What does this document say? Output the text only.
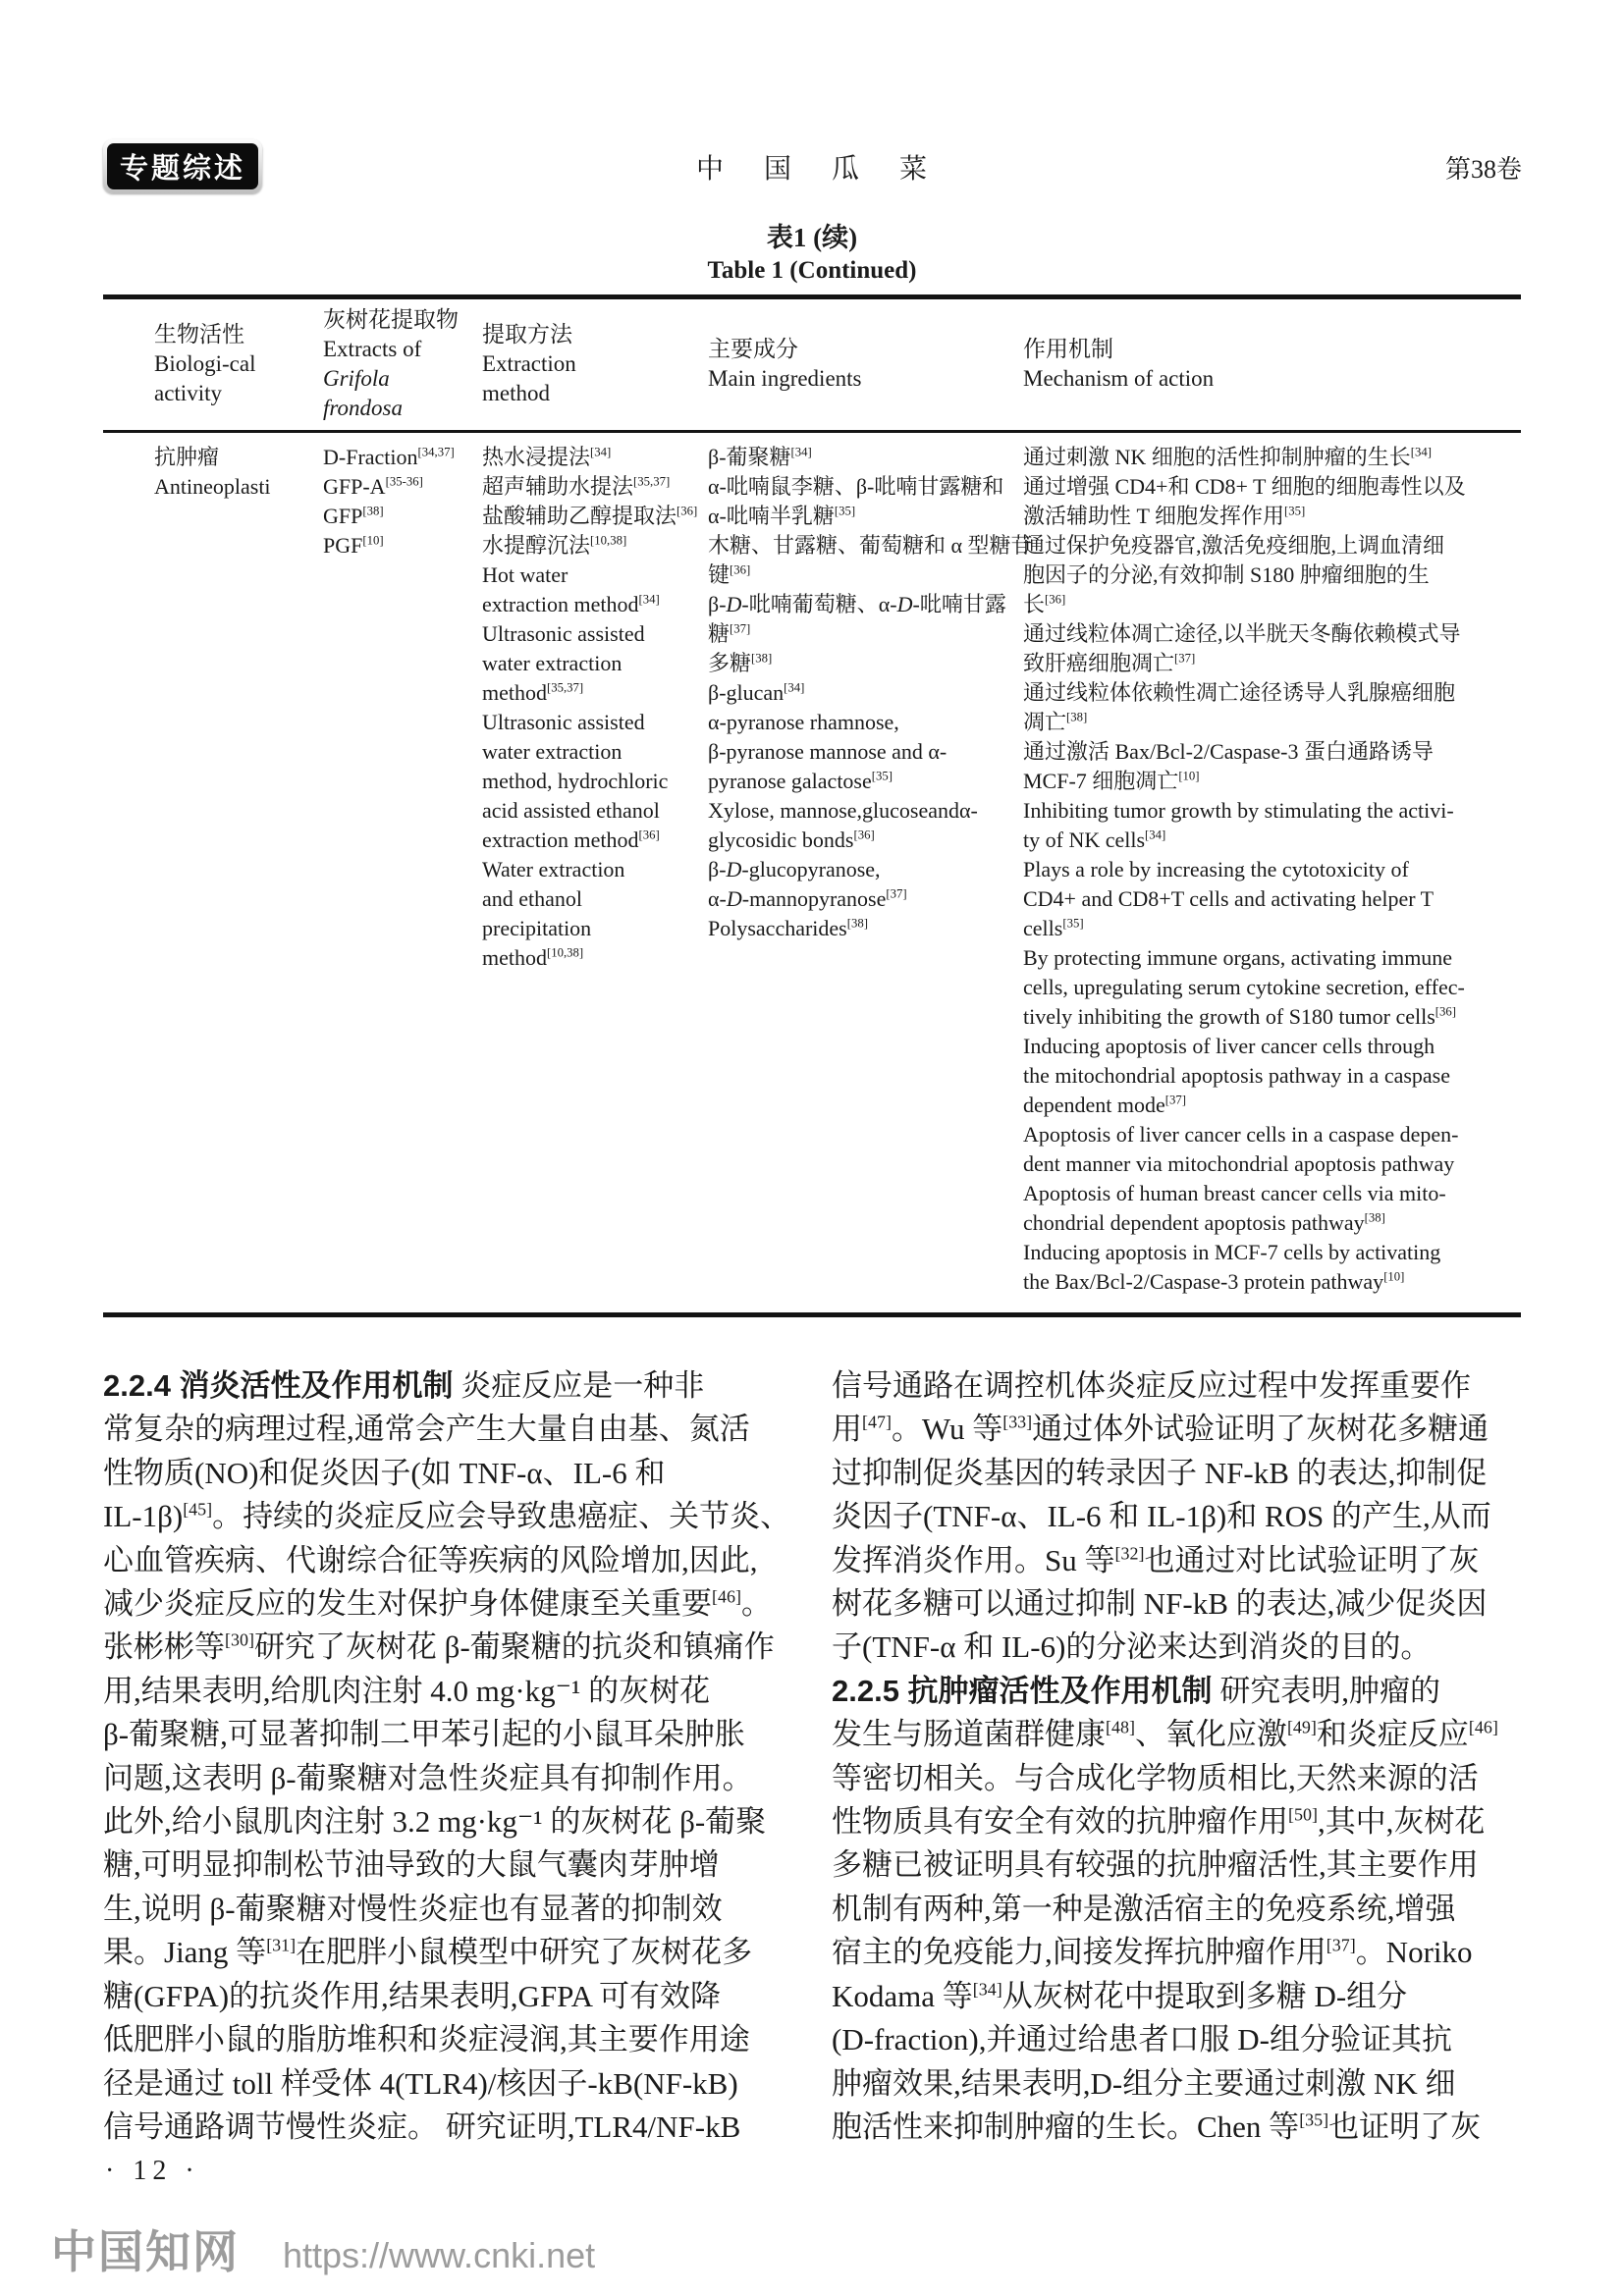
专题综述	中 国 瓜 菜	第38卷
表1 (续)
Table 1 (Continued)
生物活性
Biologi-cal
activity
灰树花提取物
Extracts of
Grifola
frondosa
提取方法
Extraction
method
主要成分
Main ingredients
作用机制
Mechanism of action
抗肿瘤
Antineoplasti
D-Fraction[34,37]
GFP-A[35-36]
GFP[38]
PGF[10]
热水浸提法[34]
超声辅助水提法[35,37]
盐酸辅助乙醇提取法[36]
水提醇沉法[10,38]
Hot water
extraction method[34]
Ultrasonic assisted
water extraction
method[35,37]
Ultrasonic assisted
water extraction
method, hydrochloric
acid assisted ethanol
extraction method[36]
Water extraction
and ethanol
precipitation
method[10,38]
β-葡聚糖[34]
α-吡喃鼠李糖、β-吡喃甘露糖和
α-吡喃半乳糖[35]
木糖、甘露糖、葡萄糖和 α 型糖苷
键[36]
β-D-吡喃葡萄糖、α-D-吡喃甘露
糖[37]
多糖[38]
β-glucan[34]
α-pyranose rhamnose,
β-pyranose mannose and α-
pyranose galactose[35]
Xylose, mannose,glucoseandα-
glycosidic bonds[36]
β-D-glucopyranose,
α-D-mannopyranose[37]
Polysaccharides[38]
通过刺激 NK 细胞的活性抑制肿瘤的生长[34]
通过增强 CD4+和 CD8+ T 细胞的细胞毒性以及
激活辅助性 T 细胞发挥作用[35]
通过保护免疫器官,激活免疫细胞,上调血清细
胞因子的分泌,有效抑制 S180 肿瘤细胞的生
长[36]
通过线粒体凋亡途径,以半胱天冬酶依赖模式导
致肝癌细胞凋亡[37]
通过线粒体依赖性凋亡途径诱导人乳腺癌细胞
凋亡[38]
通过激活 Bax/Bcl-2/Caspase-3 蛋白通路诱导
MCF-7 细胞凋亡[10]
Inhibiting tumor growth by stimulating the activi-
ty of NK cells[34]
Plays a role by increasing the cytotoxicity of
CD4+ and CD8+T cells and activating helper T
cells[35]
By protecting immune organs, activating immune
cells, upregulating serum cytokine secretion, effec-
tively inhibiting the growth of S180 tumor cells[36]
Inducing apoptosis of liver cancer cells through
the mitochondrial apoptosis pathway in a caspase
dependent mode[37]
Apoptosis of liver cancer cells in a caspase depen-
dent manner via mitochondrial apoptosis pathway
Apoptosis of human breast cancer cells via mito-
chondrial dependent apoptosis pathway[38]
Inducing apoptosis in MCF-7 cells by activating
the Bax/Bcl-2/Caspase-3 protein pathway[10]
2.2.4 消炎活性及作用机制 炎症反应是一种非
常复杂的病理过程,通常会产生大量自由基、氮活
性物质(NO)和促炎因子(如 TNF-α、IL-6 和
IL-1β)[45]。持续的炎症反应会导致患癌症、关节炎、
心血管疾病、代谢综合征等疾病的风险增加,因此,
减少炎症反应的发生对保护身体健康至关重要[46]。
张彬彬等[30]研究了灰树花 β-葡聚糖的抗炎和镇痛作
用,结果表明,给肌肉注射 4.0 mg·kg⁻¹ 的灰树花
β-葡聚糖,可显著抑制二甲苯引起的小鼠耳朵肿胀
问题,这表明 β-葡聚糖对急性炎症具有抑制作用。
此外,给小鼠肌肉注射 3.2 mg·kg⁻¹ 的灰树花 β-葡聚
糖,可明显抑制松节油导致的大鼠气囊肉芽肿增
生,说明 β-葡聚糖对慢性炎症也有显著的抑制效
果。Jiang 等[31]在肥胖小鼠模型中研究了灰树花多
糖(GFPA)的抗炎作用,结果表明,GFPA 可有效降
低肥胖小鼠的脂肪堆积和炎症浸润,其主要作用途
径是通过 toll 样受体 4(TLR4)/核因子-kB(NF-kB)
信号通路调节慢性炎症。 研究证明,TLR4/NF-kB
信号通路在调控机体炎症反应过程中发挥重要作
用[47]。Wu 等[33]通过体外试验证明了灰树花多糖通
过抑制促炎基因的转录因子 NF-kB 的表达,抑制促
炎因子(TNF-α、IL-6 和 IL-1β)和 ROS 的产生,从而
发挥消炎作用。Su 等[32]也通过对比试验证明了灰
树花多糖可以通过抑制 NF-kB 的表达,减少促炎因
子(TNF-α 和 IL-6)的分泌来达到消炎的目的。
2.2.5 抗肿瘤活性及作用机制 研究表明,肿瘤的
发生与肠道菌群健康[48]、氧化应激[49]和炎症反应[46]
等密切相关。与合成化学物质相比,天然来源的活
性物质具有安全有效的抗肿瘤作用[50],其中,灰树花
多糖已被证明具有较强的抗肿瘤活性,其主要作用
机制有两种,第一种是激活宿主的免疫系统,增强
宿主的免疫能力,间接发挥抗肿瘤作用[37]。Noriko
Kodama 等[34]从灰树花中提取到多糖 D-组分
(D-fraction),并通过给患者口服 D-组分验证其抗
肿瘤效果,结果表明,D-组分主要通过刺激 NK 细
胞活性来抑制肿瘤的生长。Chen 等[35]也证明了灰
· 12 ·
中国知网 https://www.cnki.net
